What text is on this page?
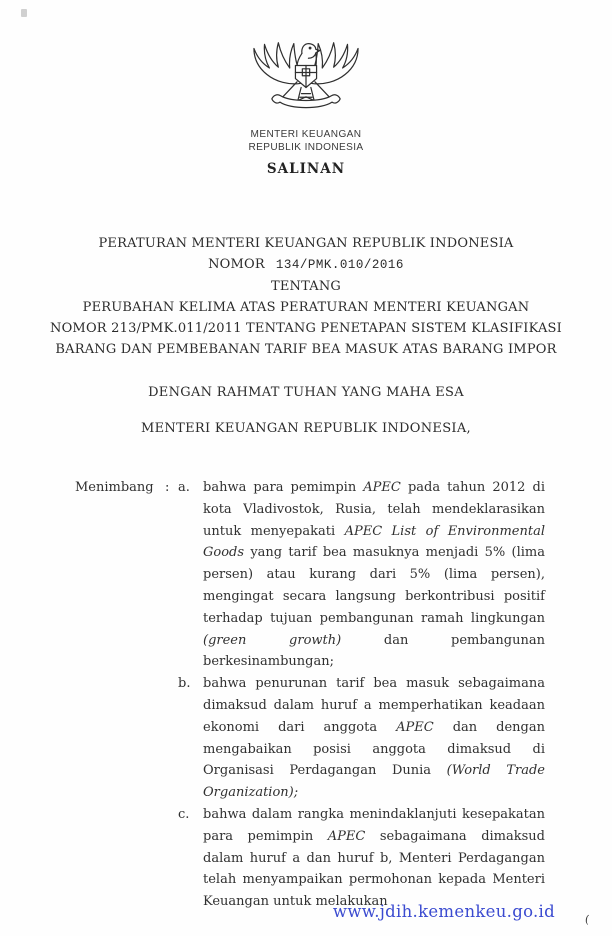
MENTERI KEUANGAN
REPUBLIK INDONESIA
SALINAN
PERATURAN MENTERI KEUANGAN REPUBLIK INDONESIA
NOMOR 134/PMK.010/2016
TENTANG
PERUBAHAN KELIMA ATAS PERATURAN MENTERI KEUANGAN
NOMOR 213/PMK.011/2011 TENTANG PENETAPAN SISTEM KLASIFIKASI
BARANG DAN PEMBEBANAN TARIF BEA MASUK ATAS BARANG IMPOR
DENGAN RAHMAT TUHAN YANG MAHA ESA
MENTERI KEUANGAN REPUBLIK INDONESIA,
Menimbang : a.	bahwa para pemimpin APEC pada tahun 2012 di kota Vladivostok, Rusia, telah mendeklarasikan untuk menyepakati APEC List of Environmental Goods yang tarif bea masuknya menjadi 5% (lima persen) atau kurang dari 5% (lima persen), mengingat secara langsung berkontribusi positif terhadap tujuan pembangunan ramah lingkungan (green growth) dan pembangunan berkesinambungan;
b. bahwa penurunan tarif bea masuk sebagaimana dimaksud dalam huruf a memperhatikan keadaan ekonomi dari anggota APEC dan dengan mengabaikan posisi anggota dimaksud di Organisasi Perdagangan Dunia (World Trade Organization);
c.	bahwa dalam rangka menindaklanjuti kesepakatan para pemimpin APEC sebagaimana dimaksud dalam huruf a dan huruf b, Menteri Perdagangan telah menyampaikan permohonan kepada Menteri Keuangan untuk melakukan
www.jdih.kemenkeu.go.id	(
